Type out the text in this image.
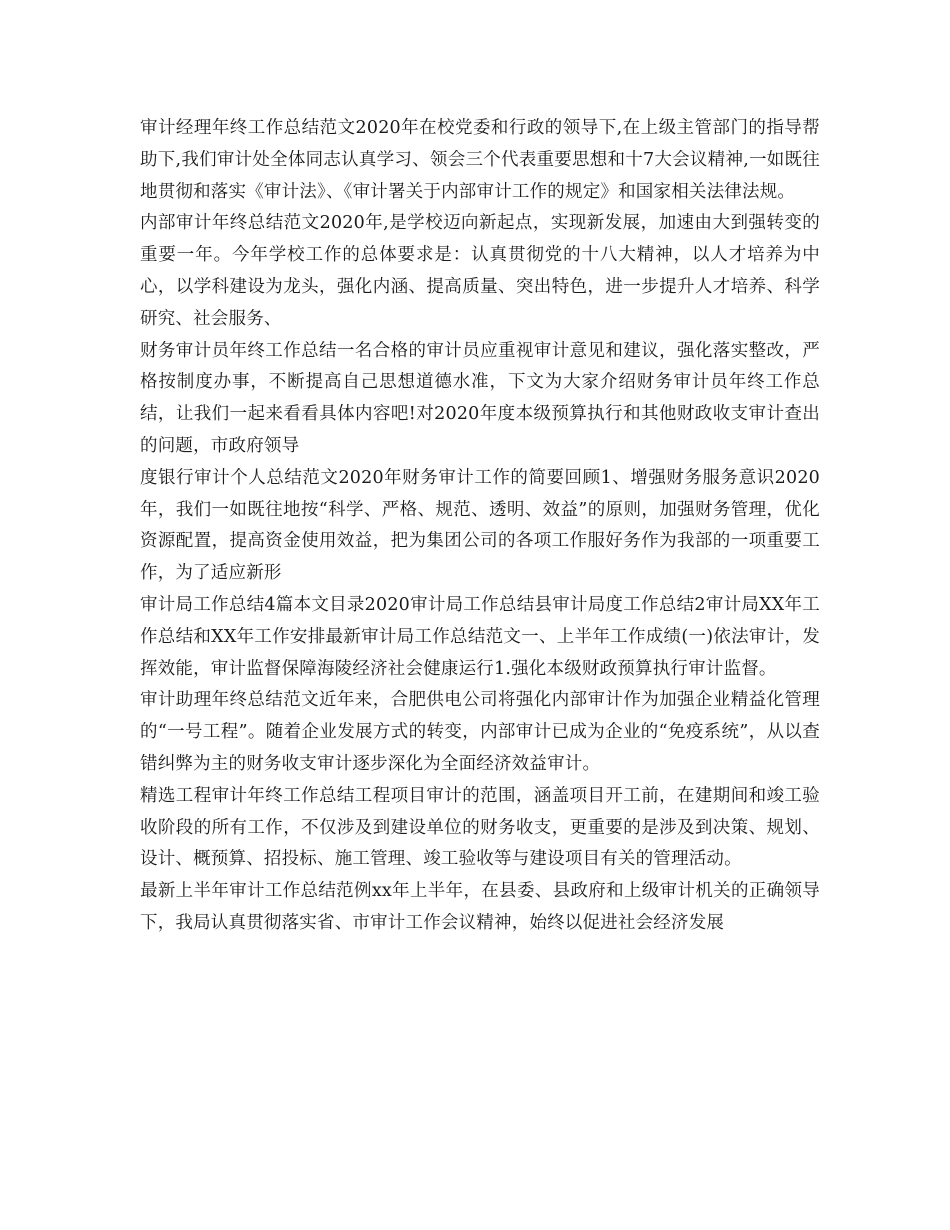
审计经理年终工作总结范文2020年在校党委和行政的领导下,在上级主管部门的指导帮助下,我们审计处全体同志认真学习、领会三个代表重要思想和十7大会议精神,一如既往地贯彻和落实《审计法》、《审计署关于内部审计工作的规定》和国家相关法律法规。

内部审计年终总结范文2020年,是学校迈向新起点，实现新发展，加速由大到强转变的重要一年。今年学校工作的总体要求是：认真贯彻党的十八大精神，以人才培养为中心，以学科建设为龙头，强化内涵、提高质量、突出特色，进一步提升人才培养、科学研究、社会服务、

财务审计员年终工作总结一名合格的审计员应重视审计意见和建议，强化落实整改，严格按制度办事，不断提高自己思想道德水准，下文为大家介绍财务审计员年终工作总结，让我们一起来看看具体内容吧!对2020年度本级预算执行和其他财政收支审计查出的问题，市政府领导

度银行审计个人总结范文2020年财务审计工作的简要回顾1、增强财务服务意识2020年，我们一如既往地按“科学、严格、规范、透明、效益”的原则，加强财务管理，优化资源配置，提高资金使用效益，把为集团公司的各项工作服好务作为我部的一项重要工作，为了适应新形

审计局工作总结4篇本文目录2020审计局工作总结县审计局度工作总结2审计局XX年工作总结和XX年工作安排最新审计局工作总结范文一、上半年工作成绩(一)依法审计，发挥效能，审计监督保障海陵经济社会健康运行1.强化本级财政预算执行审计监督。

审计助理年终总结范文近年来，合肥供电公司将强化内部审计作为加强企业精益化管理的“一号工程”。随着企业发展方式的转变，内部审计已成为企业的“免疫系统”，从以查错纠弊为主的财务收支审计逐步深化为全面经济效益审计。

精选工程审计年终工作总结工程项目审计的范围，涵盖项目开工前，在建期间和竣工验收阶段的所有工作，不仅涉及到建设单位的财务收支，更重要的是涉及到决策、规划、设计、概预算、招投标、施工管理、竣工验收等与建设项目有关的管理活动。

最新上半年审计工作总结范例xx年上半年，在县委、县政府和上级审计机关的正确领导下，我局认真贯彻落实省、市审计工作会议精神，始终以促进社会经济发展
